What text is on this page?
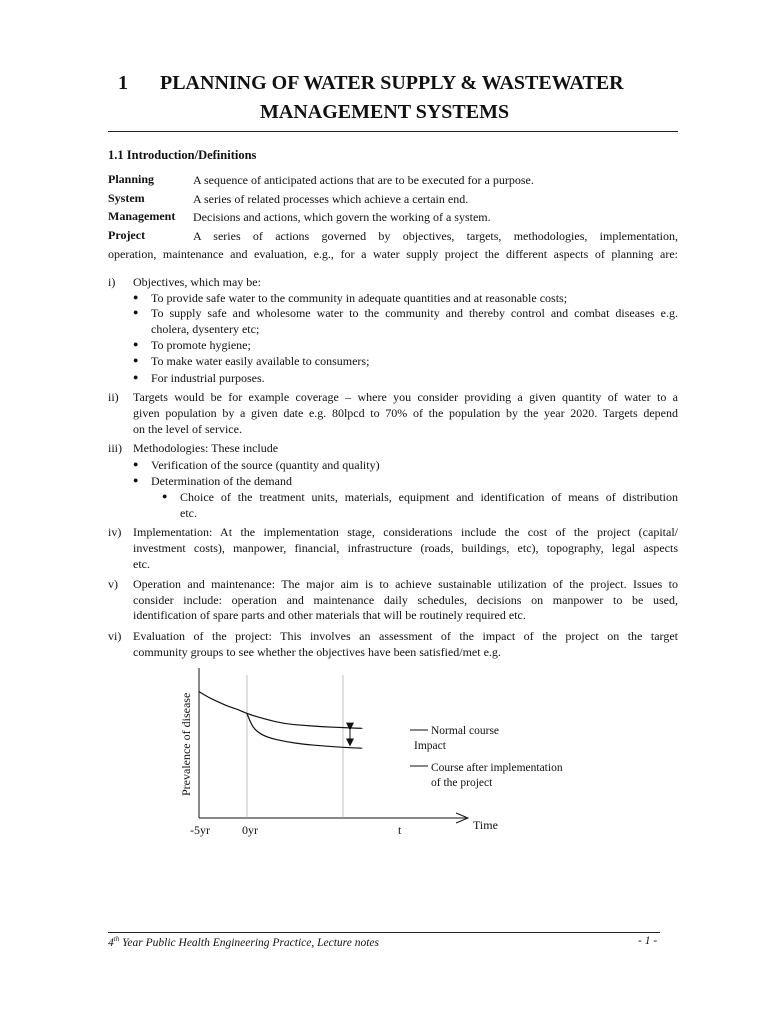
1 PLANNING OF WATER SUPPLY & WASTEWATER
MANAGEMENT SYSTEMS
1.1 Introduction/Definitions
Planning	A sequence of anticipated actions that are to be executed for a purpose.
System	A series of related processes which achieve a certain end.
Management Decisions and actions, which govern the working of a system.
Project	A series of actions governed by objectives, targets, methodologies, implementation,
operation, maintenance and evaluation, e.g., for a water supply project the different aspects of planning are:
i) Objectives, which may be:
● To provide safe water to the community in adequate quantities and at reasonable costs;
● To supply safe and wholesome water to the community and thereby control and combat diseases e.g.
cholera, dysentery etc;
● To promote hygiene;
● To make water easily available to consumers;
● For industrial purposes.
ii) Targets would be for example coverage – where you consider providing a given quantity of water to a
given population by a given date e.g. 80lpcd to 70% of the population by the year 2020. Targets depend
on the level of service.
iii) Methodologies: These include
● Verification of the source (quantity and quality)
● Determination of the demand
● Choice of the treatment units, materials, equipment and identification of means of distribution
etc.
iv) Implementation: At the implementation stage, considerations include the cost of the project (capital/
investment costs), manpower, financial, infrastructure (roads, buildings, etc), topography, legal aspects
etc.
v) Operation and maintenance: The major aim is to achieve sustainable utilization of the project. Issues to
consider include: operation and maintenance daily schedules, decisions on manpower to be used,
identification of spare parts and other materials that will be routinely required etc.
vi) Evaluation of the project: This involves an assessment of the impact of the project on the target
community groups to see whether the objectives have been satisfied/met e.g.
Prevalence of disease
Time
-5yr	0yr	t
Impact
Normal course
Course after implementation
of the project
4th Year Public Health Engineering Practice, Lecture notes	- 1 -
